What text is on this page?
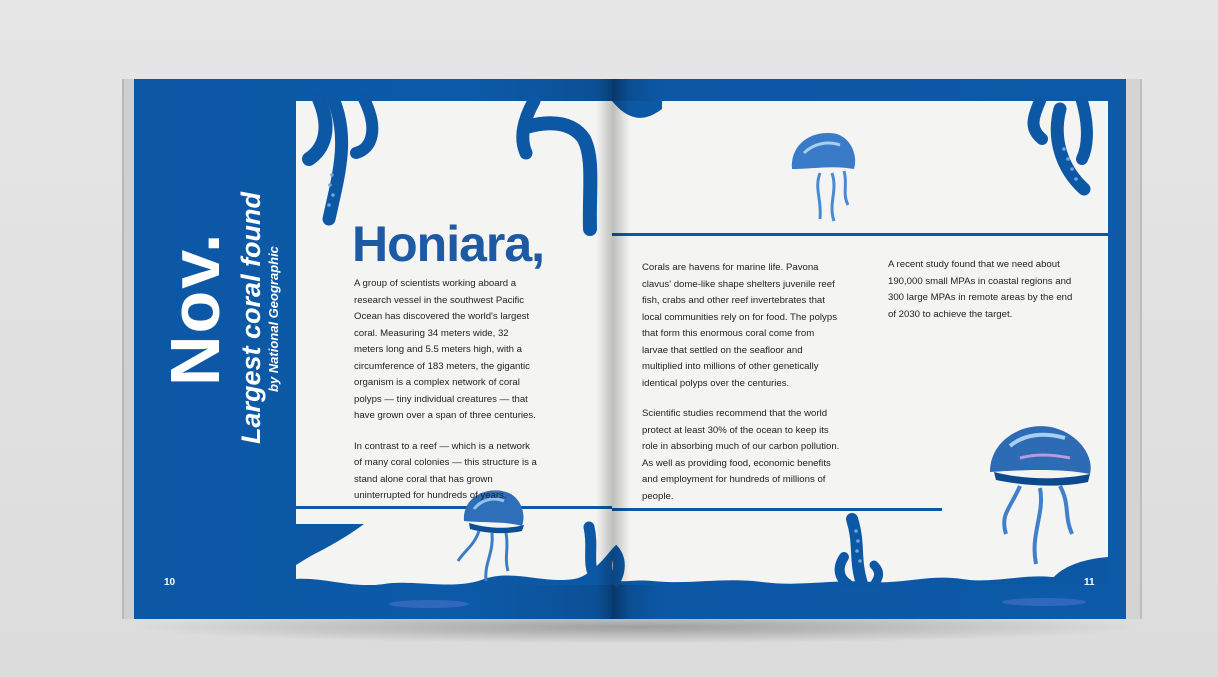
Nov. Largest coral found by National Geographic
Honiara,

A group of scientists working aboard a research vessel in the southwest Pacific Ocean has discovered the world's largest coral. Measuring 34 meters wide, 32 meters long and 5.5 meters high, with a circumference of 183 meters, the gigantic organism is a complex network of coral polyps — tiny individual creatures — that have grown over a span of three centuries.

In contrast to a reef — which is a network of many coral colonies — this structure is a stand alone coral that has grown uninterrupted for hundreds of years.

10

Corals are havens for marine life. Pavona clavus' dome-like shape shelters juvenile reef fish, crabs and other reef invertebrates that local communities rely on for food. The polyps that form this enormous coral come from larvae that settled on the seafloor and multiplied into millions of other genetically identical polyps over the centuries.

Scientific studies recommend that the world protect at least 30% of the ocean to keep its role in absorbing much of our carbon pollution. As well as providing food, economic benefits and employment for hundreds of millions of people.

A recent study found that we need about 190,000 small MPAs in coastal regions and 300 large MPAs in remote areas by the end of 2030 to achieve the target.

11
